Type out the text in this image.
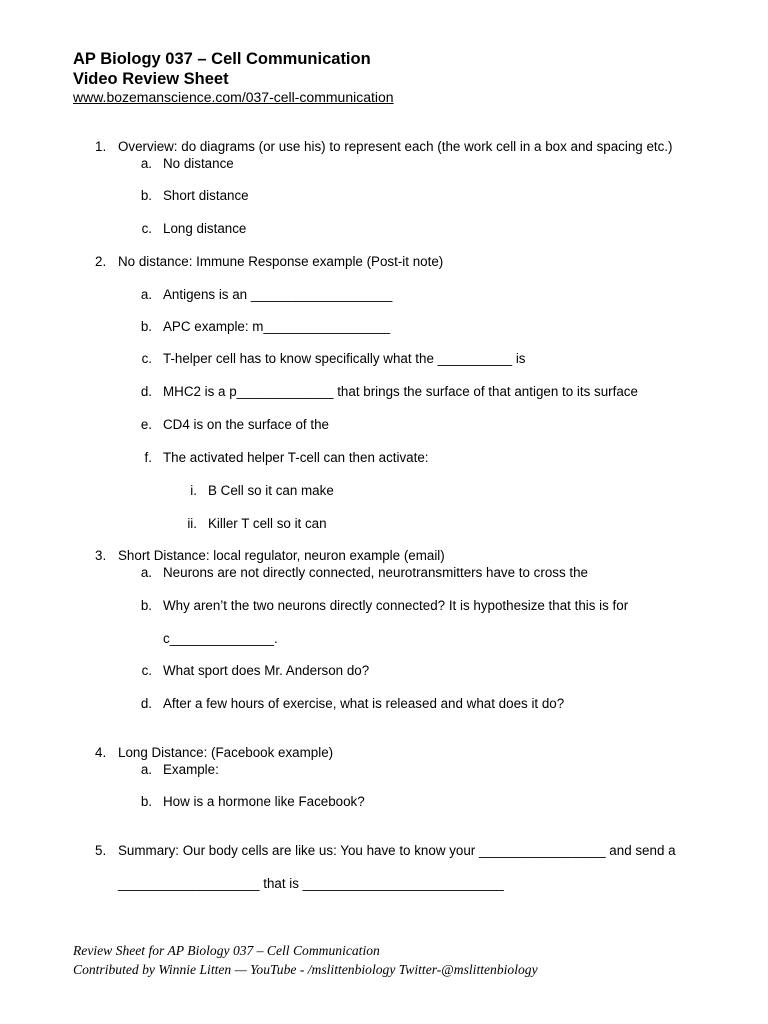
AP Biology 037 – Cell Communication
Video Review Sheet
www.bozemanscience.com/037-cell-communication
1. Overview: do diagrams (or use his) to represent each (the work cell in a box and spacing etc.)
a. No distance
b. Short distance
c. Long distance
2. No distance: Immune Response example (Post-it note)
a. Antigens is an ___________________
b. APC example: m_________________
c. T-helper cell has to know specifically what the __________ is
d. MHC2 is a p_____________ that brings the surface of that antigen to its surface
e. CD4 is on the surface of the
f. The activated helper T-cell can then activate:
i. B Cell so it can make
ii. Killer T cell so it can
3. Short Distance: local regulator, neuron example (email)
a. Neurons are not directly connected, neurotransmitters have to cross the
b. Why aren’t the two neurons directly connected? It is hypothesize that this is for
c______________.
c. What sport does Mr. Anderson do?
d. After a few hours of exercise, what is released and what does it do?
4. Long Distance: (Facebook example)
a. Example:
b. How is a hormone like Facebook?
5. Summary: Our body cells are like us: You have to know your _________________ and send a
___________________ that is ___________________________
Review Sheet for AP Biology 037 – Cell Communication
Contributed by Winnie Litten — YouTube - /mslittenbiology Twitter-@mslittenbiology
